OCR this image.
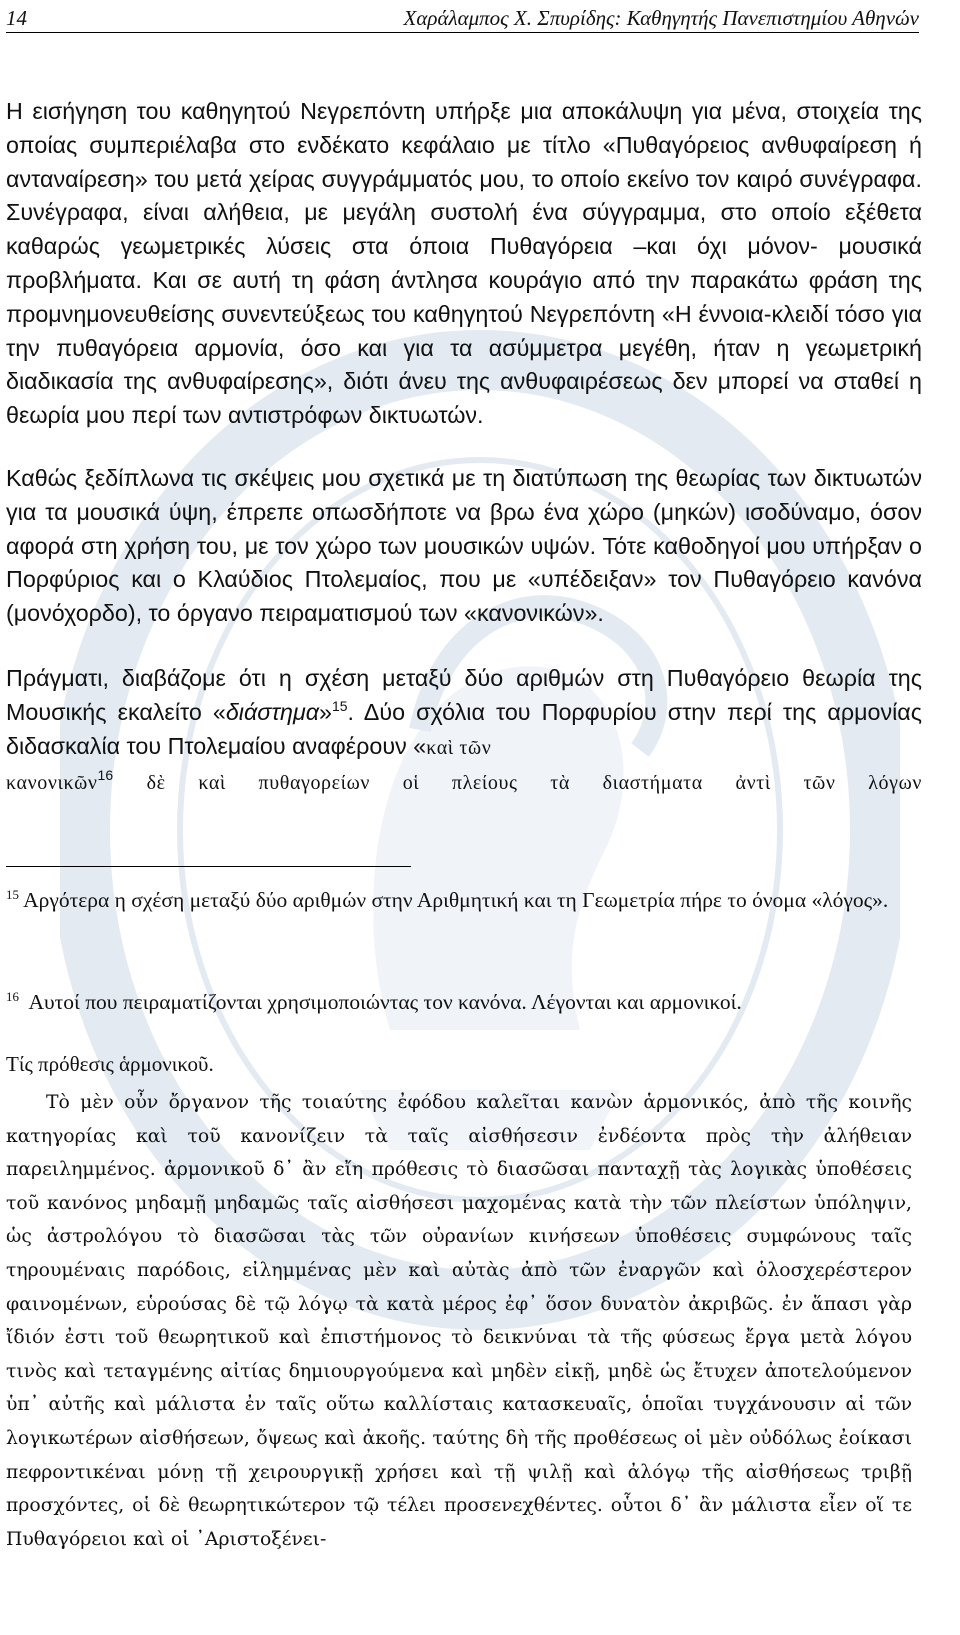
14	Χαράλαμπος Χ. Σπυρίδης: Καθηγητής Πανεπιστημίου Αθηνών

Η εισήγηση του καθηγητού Νεγρεπόντη υπήρξε μια αποκάλυψη για μένα, στοιχεία της οποίας συμπεριέλαβα στο ενδέκατο κεφάλαιο με τίτλο «Πυθαγόρειος ανθυφαίρεση ή ανταναίρεση» του μετά χείρας συγγράμματός μου, το οποίο εκείνο τον καιρό συνέγραφα. Συνέγραφα, είναι αλήθεια, με μεγάλη συστολή ένα σύγγραμμα, στο οποίο εξέθετα καθαρώς γεωμετρικές λύσεις στα όποια Πυθαγόρεια –και όχι μόνον- μουσικά προβλήματα. Και σε αυτή τη φάση άντλησα κουράγιο από την παρακάτω φράση της προμνημονευθείσης συνεντεύξεως του καθηγητού Νεγρεπόντη «Η έννοια-κλειδί τόσο για την πυθαγόρεια αρμονία, όσο και για τα ασύμμετρα μεγέθη, ήταν η γεωμετρική διαδικασία της ανθυφαίρεσης», διότι άνευ της ανθυφαιρέσεως δεν μπορεί να σταθεί η θεωρία μου περί των αντιστρόφων δικτυωτών.

Καθώς ξεδίπλωνα τις σκέψεις μου σχετικά με τη διατύπωση της θεωρίας των δικτυωτών για τα μουσικά ύψη, έπρεπε οπωσδήποτε να βρω ένα χώρο (μηκών) ισοδύναμο, όσον αφορά στη χρήση του, με τον χώρο των μουσικών υψών. Τότε καθοδηγοί μου υπήρξαν ο Πορφύριος και ο Κλαύδιος Πτολεμαίος, που με «υπέδειξαν» τον Πυθαγόρειο κανόνα (μονόχορδο), το όργανο πειραματισμού των «κανονικών».

Πράγματι, διαβάζομε ότι η σχέση μεταξύ δύο αριθμών στη Πυθαγόρειο θεωρία της Μουσικής εκαλείτο «διάστημα»$^{15}$. Δύο σχόλια του Πορφυρίου στην περί της αρμονίας διδασκαλία του Πτολεμαίου αναφέρουν «καὶ τῶν
κανονικῶν$^{16}$ δὲ καὶ πυθαγορείων οἱ πλείους τὰ διαστήματα ἀντὶ τῶν λόγων

$^{15}$ Αργότερα η σχέση μεταξύ δύο αριθμών στην Αριθμητική και τη Γεωμετρία πήρε το όνομα «λόγος».

$^{16}$ Αυτοί που πειραματίζονται χρησιμοποιώντας τον κανόνα. Λέγονται και αρμονικοί.

Τίς πρόθεσις ἁρμονικοῦ.

Τὸ μὲν οὖν ὄργανον τῆς τοιαύτης ἐφόδου καλεῖται κανὼν ἁρμονικός, ἀπὸ τῆς κοινῆς κατηγορίας καὶ τοῦ κανονίζειν τὰ ταῖς αἰσθήσεσιν ἐνδέοντα πρὸς τὴν ἀλήθειαν παρειλημμένος. ἁρμονικοῦ δ᾽ ἂν εἴη πρόθεσις τὸ διασῶσαι πανταχῇ τὰς λογικὰς ὑποθέσεις τοῦ κανόνος μηδαμῇ μηδαμῶς ταῖς αἰσθήσεσι μαχομένας κατὰ τὴν τῶν πλείστων ὑπόληψιν, ὡς ἀστρολόγου τὸ διασῶσαι τὰς τῶν οὐρανίων κινήσεων ὑποθέσεις συμφώνους ταῖς τηρουμέναις παρόδοις, εἰλημμένας μὲν καὶ αὐτὰς ἀπὸ τῶν ἐναργῶν καὶ ὁλοσχερέστερον φαινομένων, εὑρούσας δὲ τῷ λόγῳ τὰ κατὰ μέρος ἐφ᾽ ὅσον δυνατὸν ἀκριβῶς. ἐν ἅπασι γὰρ ἴδιόν ἐστι τοῦ θεωρητικοῦ καὶ ἐπιστήμονος τὸ δεικνύναι τὰ τῆς φύσεως ἔργα μετὰ λόγου τινὸς καὶ τεταγμένης αἰτίας δημιουργούμενα καὶ μηδὲν εἰκῇ, μηδὲ ὡς ἔτυχεν ἀποτελούμενον ὑπ᾽ αὐτῆς καὶ μάλιστα ἐν ταῖς οὕτω καλλίσταις κατασκευαῖς, ὁποῖαι τυγχάνουσιν αἱ τῶν λογικωτέρων αἰσθήσεων, ὄψεως καὶ ἀκοῆς. ταύτης δὴ τῆς προθέσεως οἱ μὲν οὐδόλως ἐοίκασι πεφροντικέναι μόνῃ τῇ χειρουργικῇ χρήσει καὶ τῇ ψιλῇ καὶ ἀλόγῳ τῆς αἰσθήσεως τριβῇ προσχόντες, οἱ δὲ θεωρητικώτερον τῷ τέλει προσενεχθέντες. οὗτοι δ᾽ ἂν μάλιστα εἶεν οἵ τε Πυθαγόρειοι καὶ οἱ ᾽Αριστοξένει-
